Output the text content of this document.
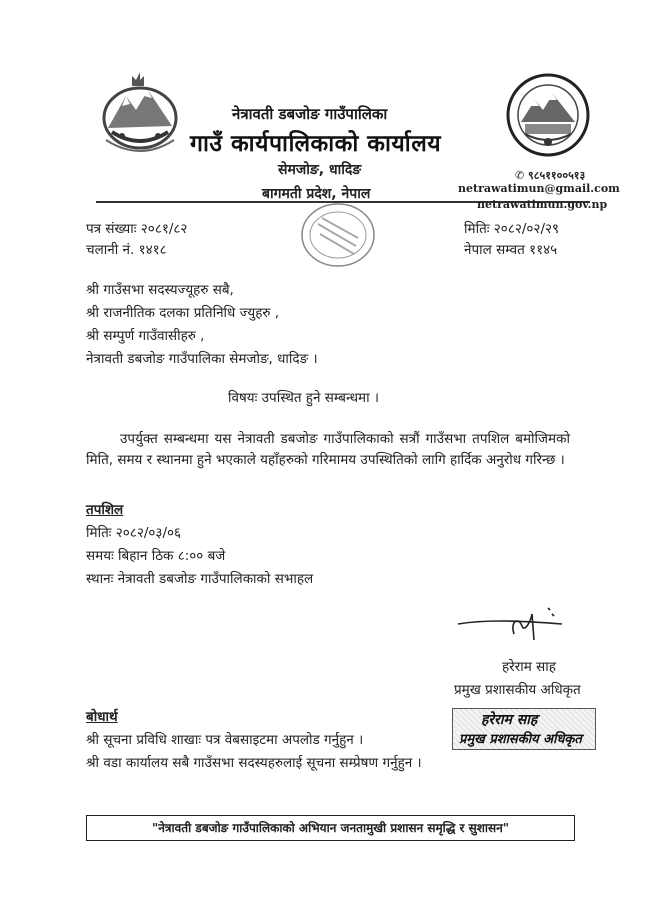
नेत्रावती डबजोङ गाउँपालिका
गाउँ कार्यपालिकाको कार्यालय
सेमजोङ, धादिङ
बागमती प्रदेश, नेपाल
✆ ९८५११००५१३
netrawatimun@gmail.com
netrawatimun.gov.np
पत्र संख्याः २०८१/८२
चलानी नं. १४१८
मितिः २०८२/०२/२९
नेपाल सम्वत ११४५
श्री गाउँसभा सदस्यज्यूहरु सबै,
श्री राजनीतिक दलका प्रतिनिधि ज्युहरु ,
श्री सम्पुर्ण गाउँवासीहरु ,
नेत्रावती डबजोङ गाउँपालिका सेमजोङ, धादिङ ।
विषयः उपस्थित हुने सम्बन्धमा ।
उपर्युक्त सम्बन्धमा यस नेत्रावती डबजोङ गाउँपालिकाको सत्रौं गाउँसभा तपशिल बमोजिमको मिति, समय र स्थानमा हुने भएकाले यहाँहरुको गरिमामय उपस्थितिको लागि हार्दिक अनुरोध गरिन्छ ।
तपशिल
मितिः २०८२/०३/०६
समयः बिहान ठिक ८:०० बजे
स्थानः नेत्रावती डबजोङ गाउँपालिकाको सभाहल
हरेराम साह
प्रमुख प्रशासकीय अधिकृत
हरेराम साह
प्रमुख प्रशासकीय अधिकृत
बोधार्थ
श्री सूचना प्रविधि शाखाः पत्र वेबसाइटमा अपलोड गर्नुहुन ।
श्री वडा कार्यालय सबै गाउँसभा सदस्यहरुलाई सूचना सम्प्रेषण गर्नुहुन ।
"नेत्रावती डबजोङ गाउँपालिकाको अभियान जनतामुखी प्रशासन समृद्धि र सुशासन"
